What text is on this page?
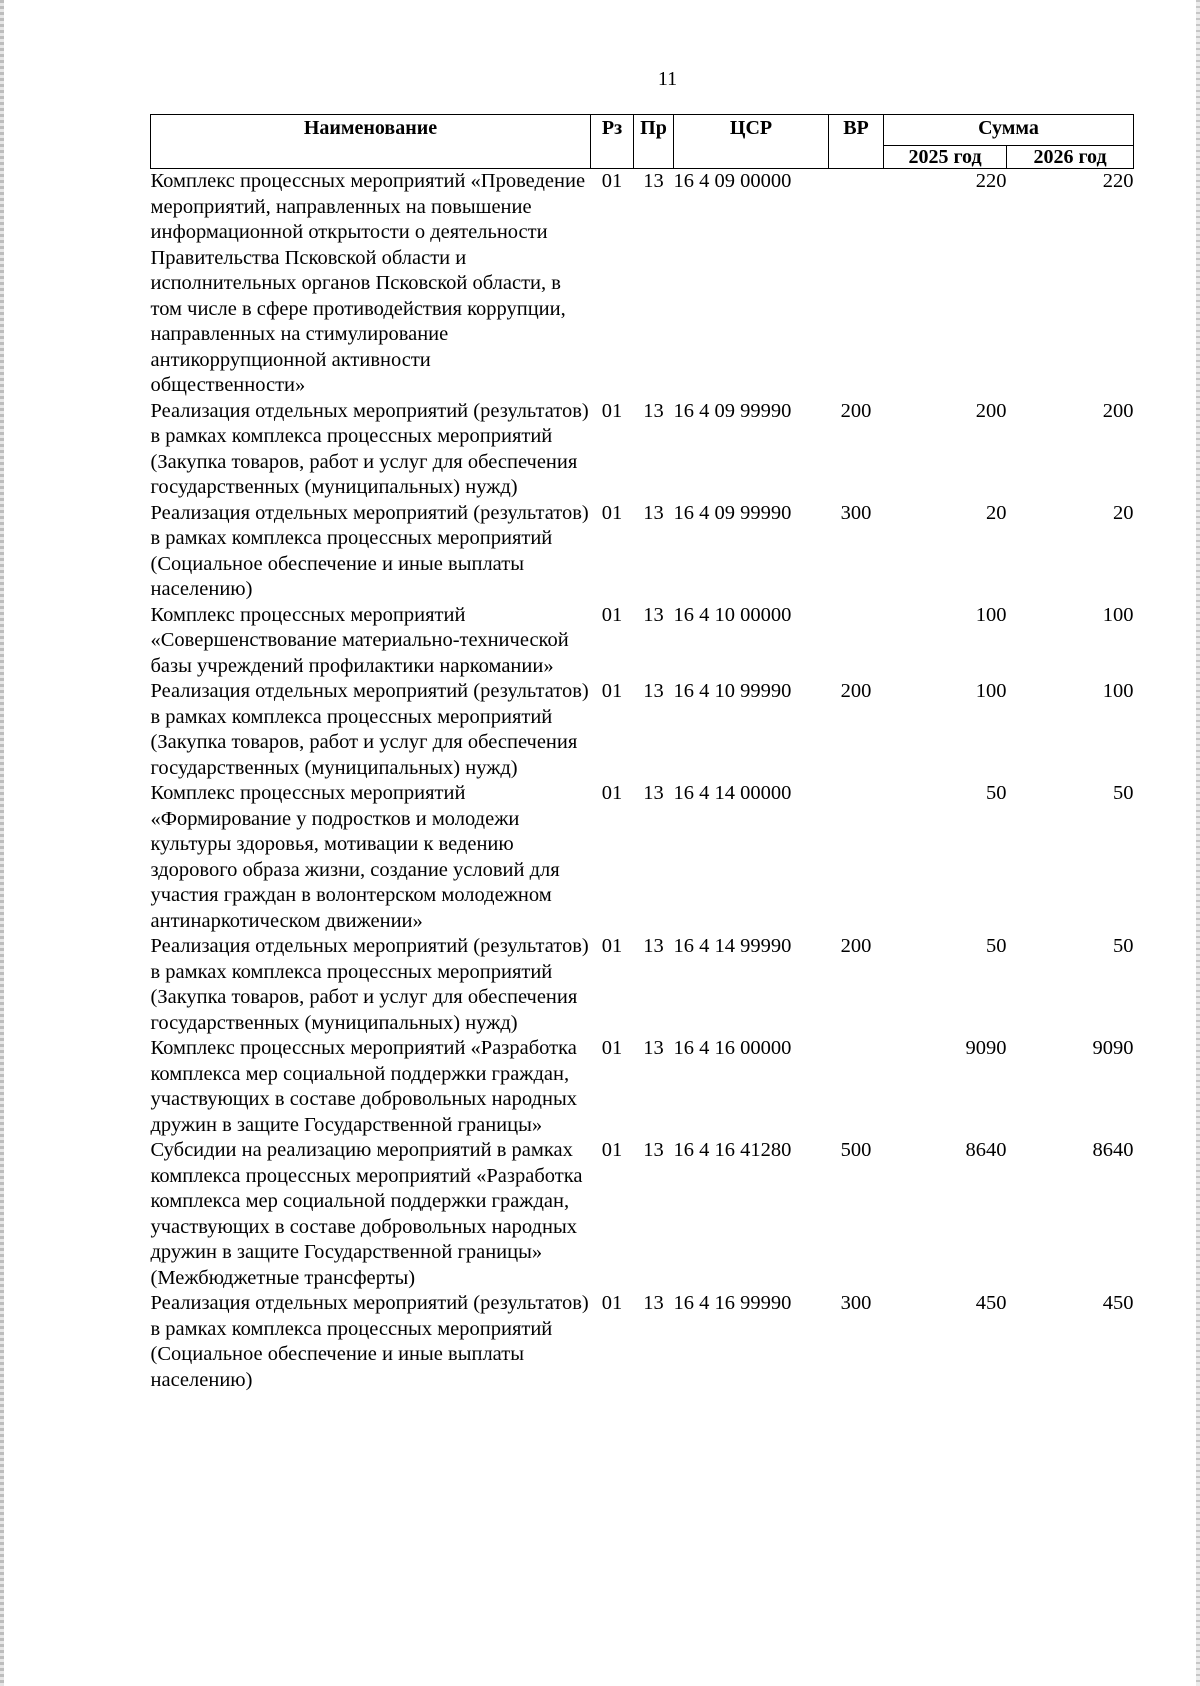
11
Наименование	Рз	Пр	ЦСР	ВР	Сумма	
					2025 год	2026 год
Комплекс процессных мероприятий «Проведение мероприятий, направленных на повышение информационной открытости о деятельности Правительства Псковской области и исполнительных органов Псковской области, в том числе в сфере противодействия коррупции, направленных на стимулирование антикоррупционной активности общественности»	01	13	16 4 09 00000		220	220
Реализация отдельных мероприятий (результатов) в рамках комплекса процессных мероприятий (Закупка товаров, работ и услуг для обеспечения государственных (муниципальных) нужд)	01	13	16 4 09 99990	200	200	200
Реализация отдельных мероприятий (результатов) в рамках комплекса процессных мероприятий (Социальное обеспечение и иные выплаты населению)	01	13	16 4 09 99990	300	20	20
Комплекс процессных мероприятий «Совершенствование материально-технической базы учреждений профилактики наркомании»	01	13	16 4 10 00000		100	100
Реализация отдельных мероприятий (результатов) в рамках комплекса процессных мероприятий (Закупка товаров, работ и услуг для обеспечения государственных (муниципальных) нужд)	01	13	16 4 10 99990	200	100	100
Комплекс процессных мероприятий «Формирование у подростков и молодежи культуры здоровья, мотивации к ведению здорового образа жизни, создание условий для участия граждан в волонтерском молодежном антинаркотическом движении»	01	13	16 4 14 00000		50	50
Реализация отдельных мероприятий (результатов) в рамках комплекса процессных мероприятий (Закупка товаров, работ и услуг для обеспечения государственных (муниципальных) нужд)	01	13	16 4 14 99990	200	50	50
Комплекс процессных мероприятий «Разработка комплекса мер социальной поддержки граждан, участвующих в составе добровольных народных дружин в защите Государственной границы»	01	13	16 4 16 00000		9090	9090
Субсидии на реализацию мероприятий в рамках комплекса процессных мероприятий «Разработка комплекса мер социальной поддержки граждан, участвующих в составе добровольных народных дружин в защите Государственной границы» (Межбюджетные трансферты)	01	13	16 4 16 41280	500	8640	8640
Реализация отдельных мероприятий (результатов) в рамках комплекса процессных мероприятий (Социальное обеспечение и иные выплаты населению)	01	13	16 4 16 99990	300	450	450
